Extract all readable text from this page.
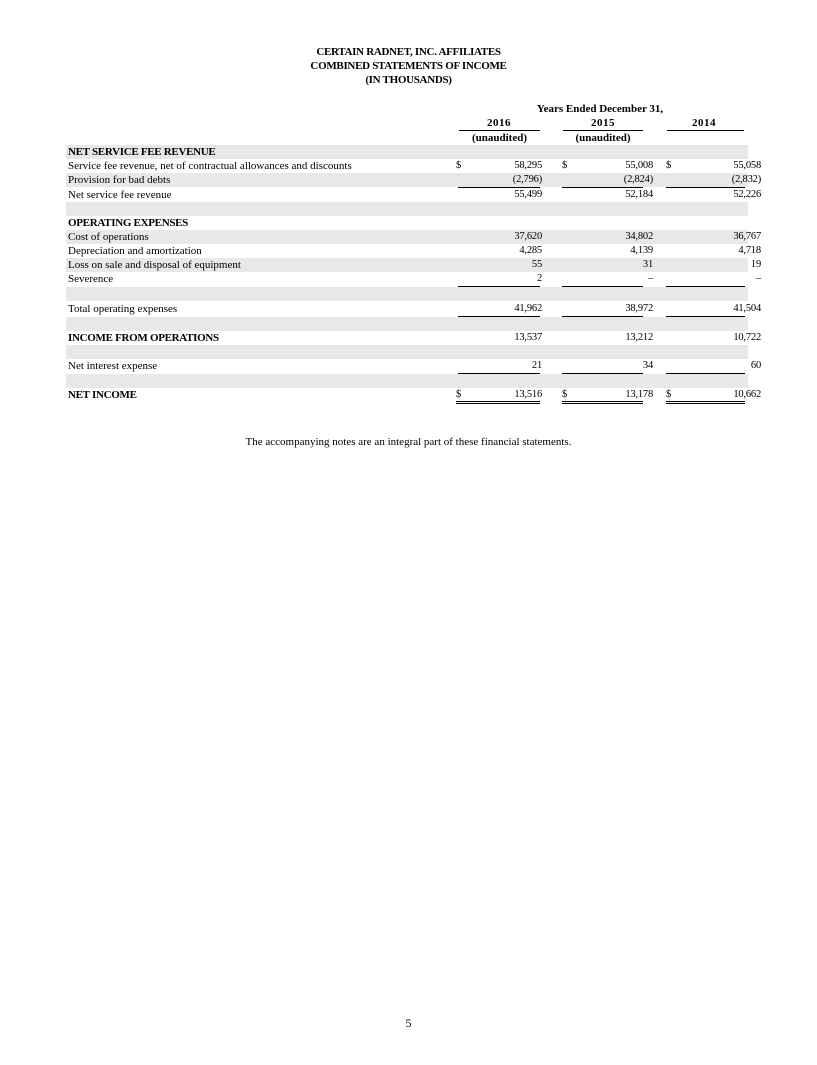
CERTAIN RADNET, INC. AFFILIATES
COMBINED STATEMENTS OF INCOME
(IN THOUSANDS)
Years Ended December 31,
2016	2015	2014
(unaudited)	(unaudited)
NET SERVICE FEE REVENUE
Service fee revenue, net of contractual allowances and discounts	$	58,295 $	55,008 $	55,058
Provision for bad debts	(2,796)	(2,824)	(2,832)
Net service fee revenue	55,499	52,184	52,226
OPERATING EXPENSES
Cost of operations	37,620	34,802	36,767
Depreciation and amortization	4,285	4,139	4,718
Loss on sale and disposal of equipment	55	31	19
Severence	2	–	–
Total operating expenses	41,962	38,972	41,504
INCOME FROM OPERATIONS	13,537	13,212	10,722
Net interest expense	21	34	60
NET INCOME	$	13,516 $	13,178 $	10,662
The accompanying notes are an integral part of these financial statements.
5
